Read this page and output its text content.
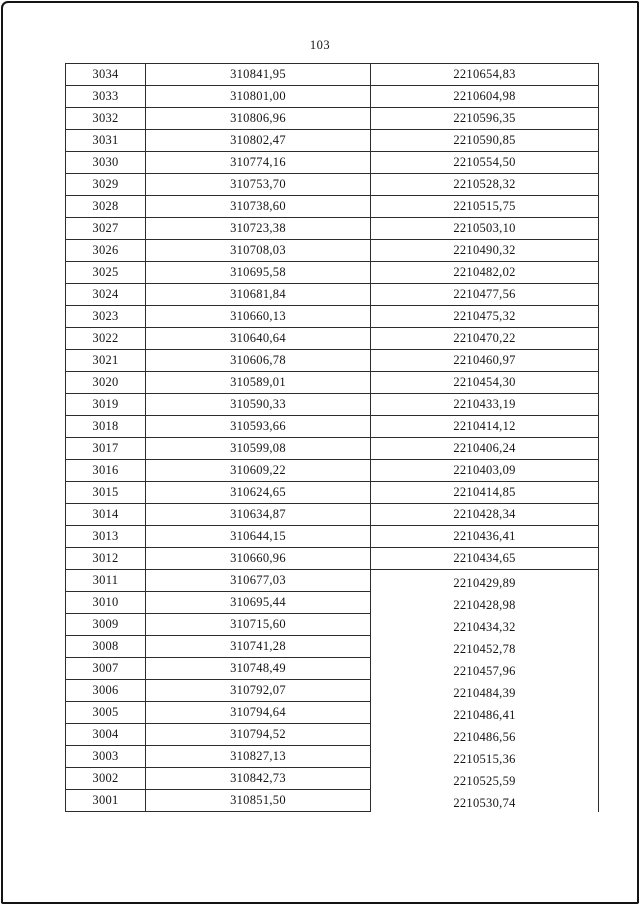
103
3034	310841,95	2210654,83
3033	310801,00	2210604,98
3032	310806,96	2210596,35
3031	310802,47	2210590,85
3030	310774,16	2210554,50
3029	310753,70	2210528,32
3028	310738,60	2210515,75
3027	310723,38	2210503,10
3026	310708,03	2210490,32
3025	310695,58	2210482,02
3024	310681,84	2210477,56
3023	310660,13	2210475,32
3022	310640,64	2210470,22
3021	310606,78	2210460,97
3020	310589,01	2210454,30
3019	310590,33	2210433,19
3018	310593,66	2210414,12
3017	310599,08	2210406,24
3016	310609,22	2210403,09
3015	310624,65	2210414,85
3014	310634,87	2210428,34
3013	310644,15	2210436,41
3012	310660,96	2210434,65
3011	310677,03	2210429,89
3010	310695,44	2210428,98
3009	310715,60	2210434,32
3008	310741,28	2210452,78
3007	310748,49	2210457,96
3006	310792,07	2210484,39
3005	310794,64	2210486,41
3004	310794,52	2210486,56
3003	310827,13	2210515,36
3002	310842,73	2210525,59
3001	310851,50	2210530,74
